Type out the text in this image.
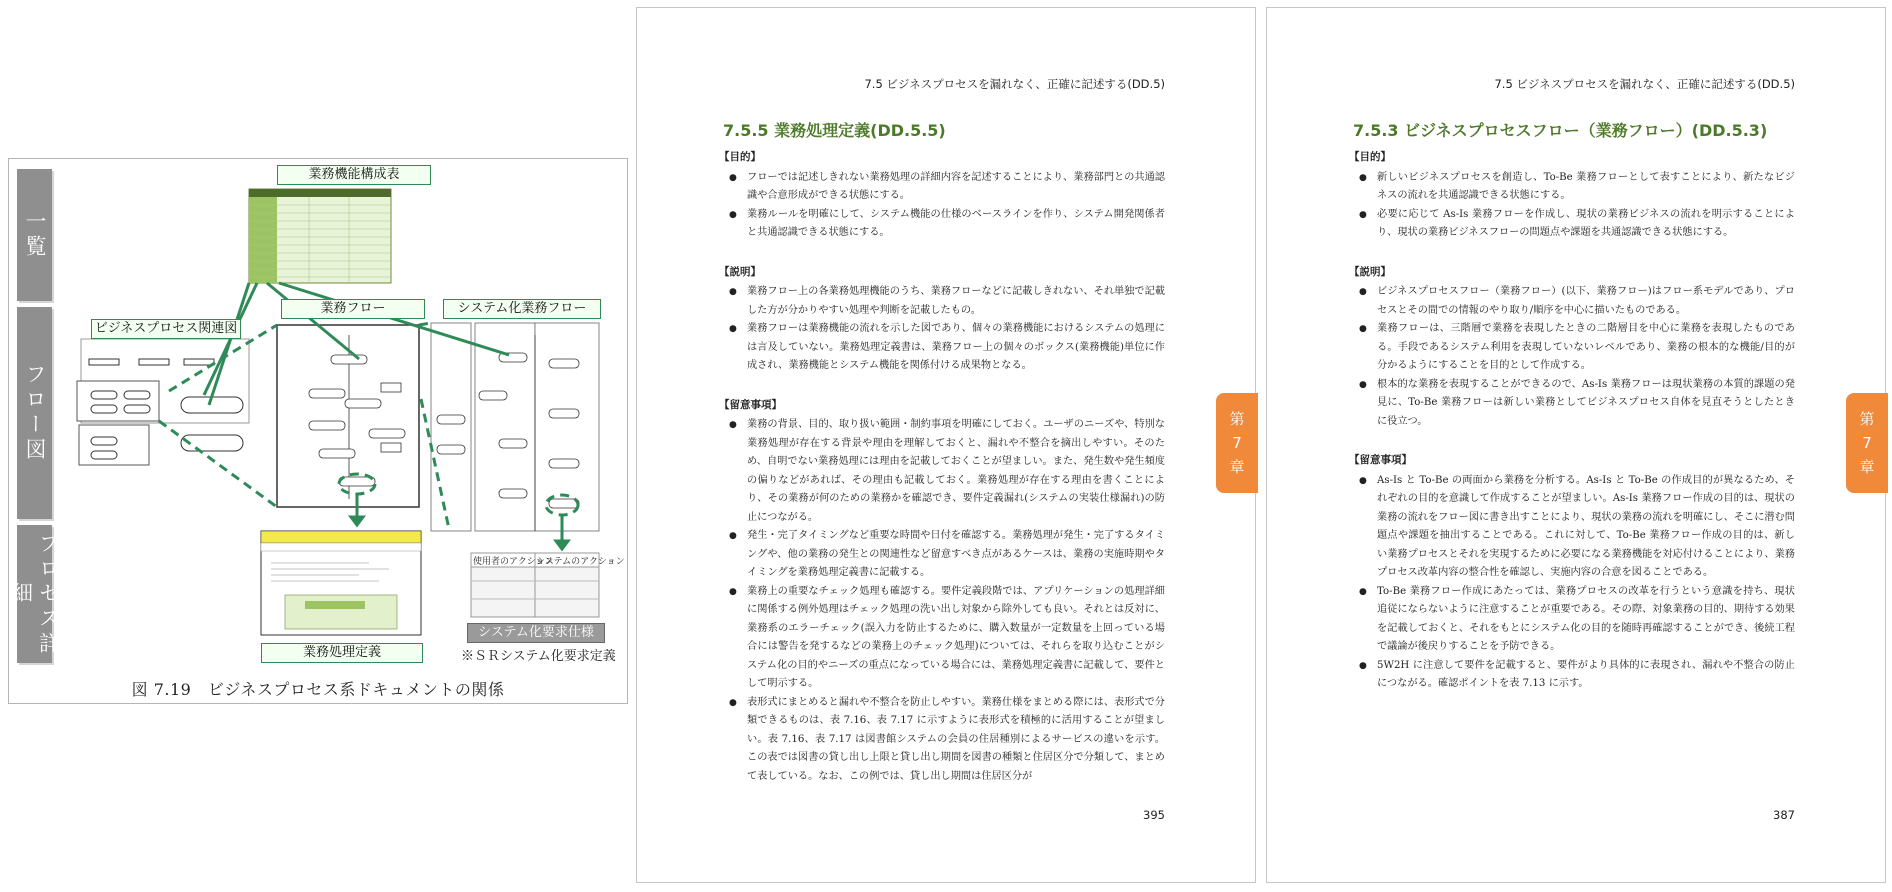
一覧
フロー図
プロセス詳細
業務機能構成表
業務フロー	システム化業務フロー
ビジネスプロセス関連図
業務処理定義
システム化要求仕様
使用者のアクション
システムのアクション
※ＳＲシステム化要求定義
図 7.19　ビジネスプロセス系ドキュメントの関係
7.5 ビジネスプロセスを漏れなく、正確に記述する(DD.5)
7.5.5 業務処理定義(DD.5.5)
【目的】
● フローでは記述しきれない業務処理の詳細内容を記述することにより、業務部門との共通認識や合意形成ができる状態にする。
● 業務ルールを明確にして、システム機能の仕様のベースラインを作り、システム開発関係者と共通認識できる状態にする。
【説明】
● 業務フロー上の各業務処理機能のうち、業務フローなどに記載しきれない、それ単独で記載した方が分かりやすい処理や判断を記載したもの。
● 業務フローは業務機能の流れを示した図であり、個々の業務機能におけるシステムの処理には言及していない。業務処理定義書は、業務フロー上の個々のボックス(業務機能)単位に作成され、業務機能とシステム機能を関係付ける成果物となる。
【留意事項】
● 業務の背景、目的、取り扱い範囲・制約事項を明確にしておく。ユーザのニーズや、特別な業務処理が存在する背景や理由を理解しておくと、漏れや不整合を摘出しやすい。そのため、自明でない業務処理には理由を記載しておくことが望ましい。また、発生数や発生頻度の偏りなどがあれば、その理由も記載しておく。業務処理が存在する理由を書くことにより、その業務が何のための業務かを確認でき、要件定義漏れ(システムの実装仕様漏れ)の防止につながる。
● 発生・完了タイミングなど重要な時間や日付を確認する。業務処理が発生・完了するタイミングや、他の業務の発生との関連性など留意すべき点があるケースは、業務の実施時期やタイミングを業務処理定義書に記載する。
● 業務上の重要なチェック処理も確認する。要件定義段階では、アプリケーションの処理詳細に関係する例外処理はチェック処理の洗い出し対象から除外しても良い。それとは反対に、業務系のエラーチェック(誤入力を防止するために、購入数量が一定数量を上回っている場合には警告を発するなどの業務上のチェック処理)については、それらを取り込むことがシステム化の目的やニーズの重点になっている場合には、業務処理定義書に記載して、要件として明示する。
● 表形式にまとめると漏れや不整合を防止しやすい。業務仕様をまとめる際には、表形式で分類できるものは、表 7.16、表 7.17 に示すように表形式を積極的に活用することが望ましい。表 7.16、表 7.17 は図書館システムの会員の住居種別によるサービスの違いを示す。この表では図書の貸し出し上限と貸し出し期間を図書の種類と住居区分で分類して、まとめて表している。なお、この例では、貸し出し期間は住居区分が
395
第
7
章
7.5 ビジネスプロセスを漏れなく、正確に記述する(DD.5)
7.5.3 ビジネスプロセスフロー（業務フロー）(DD.5.3)
【目的】
● 新しいビジネスプロセスを創造し、To-Be 業務フローとして表すことにより、新たなビジネスの流れを共通認識できる状態にする。
● 必要に応じて As-Is 業務フローを作成し、現状の業務ビジネスの流れを明示することにより、現状の業務ビジネスフローの問題点や課題を共通認識できる状態にする。
【説明】
● ビジネスプロセスフロー（業務フロー）(以下、業務フロー)はフロー系モデルであり、プロセスとその間での情報のやり取り/順序を中心に描いたものである。
● 業務フローは、三階層で業務を表現したときの二階層目を中心に業務を表現したものである。手段であるシステム利用を表現していないレベルであり、業務の根本的な機能/目的が分かるようにすることを目的として作成する。
● 根本的な業務を表現することができるので、As-Is 業務フローは現状業務の本質的課題の発見に、To-Be 業務フローは新しい業務としてビジネスプロセス自体を見直そうとしたときに役立つ。
【留意事項】
● As-Is と To-Be の両面から業務を分析する。As-Is と To-Be の作成目的が異なるため、それぞれの目的を意識して作成することが望ましい。As-Is 業務フロー作成の目的は、現状の業務の流れをフロー図に書き出すことにより、現状の業務の流れを明確にし、そこに潜む問題点や課題を抽出することである。これに対して、To-Be 業務フロー作成の目的は、新しい業務プロセスとそれを実現するために必要になる業務機能を対応付けることにより、業務プロセス改革内容の整合性を確認し、実施内容の合意を図ることである。
● To-Be 業務フロー作成にあたっては、業務プロセスの改革を行うという意識を持ち、現状追従にならないように注意することが重要である。その際、対象業務の目的、期待する効果を記載しておくと、それをもとにシステム化の目的を随時再確認することができ、後続工程で議論が後戻りすることを予防できる。
● 5W2H に注意して要件を記載すると、要件がより具体的に表現され、漏れや不整合の防止につながる。確認ポイントを表 7.13 に示す。
387
第
7
章
